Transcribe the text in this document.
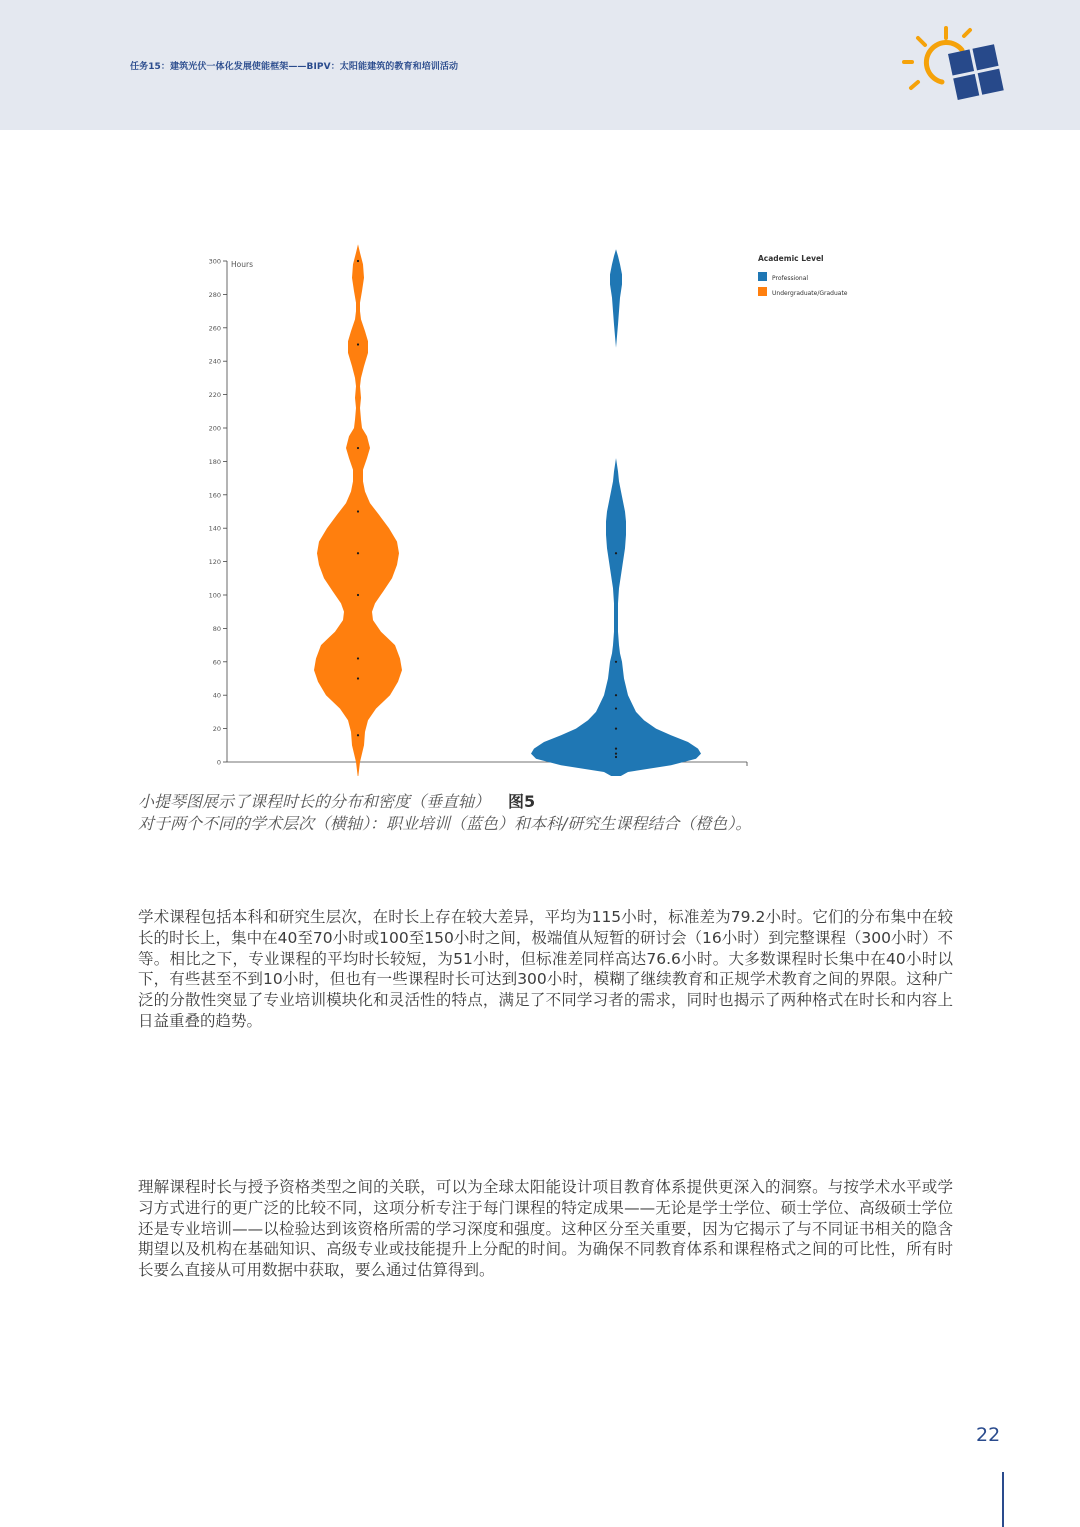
任务15：建筑光伏一体化发展使能框架——BIPV：太阳能建筑的教育和培训活动
0
20
40
60
80
100
120
140
160
180
200
220
240
260
280
300 Hours
Academic Level
Professional
Undergraduate/Graduate
小提琴图展示了课程时长的分布和密度（垂直轴） 图5
对于两个不同的学术层次（横轴）：职业培训（蓝色）和本科/研究生课程结合（橙色）。
学术课程包括本科和研究生层次，在时长上存在较大差异，平均为115小时，标准差为79.2小时。它们的分布集中在较长的时长上，集中在40至70小时或100至150小时之间，极端值从短暂的研讨会（16小时）到完整课程（300小时）不等。相比之下，专业课程的平均时长较短，为51小时，但标准差同样高达76.6小时。大多数课程时长集中在40小时以下，有些甚至不到10小时，但也有一些课程时长可达到300小时，模糊了继续教育和正规学术教育之间的界限。这种广泛的分散性突显了专业培训模块化和灵活性的特点，满足了不同学习者的需求，同时也揭示了两种格式在时长和内容上日益重叠的趋势。
理解课程时长与授予资格类型之间的关联，可以为全球太阳能设计项目教育体系提供更深入的洞察。与按学术水平或学习方式进行的更广泛的比较不同，这项分析专注于每门课程的特定成果——无论是学士学位、硕士学位、高级硕士学位还是专业培训——以检验达到该资格所需的学习深度和强度。这种区分至关重要，因为它揭示了与不同证书相关的隐含期望以及机构在基础知识、高级专业或技能提升上分配的时间。为确保不同教育体系和课程格式之间的可比性，所有时长要么直接从可用数据中获取，要么通过估算得到。
22
